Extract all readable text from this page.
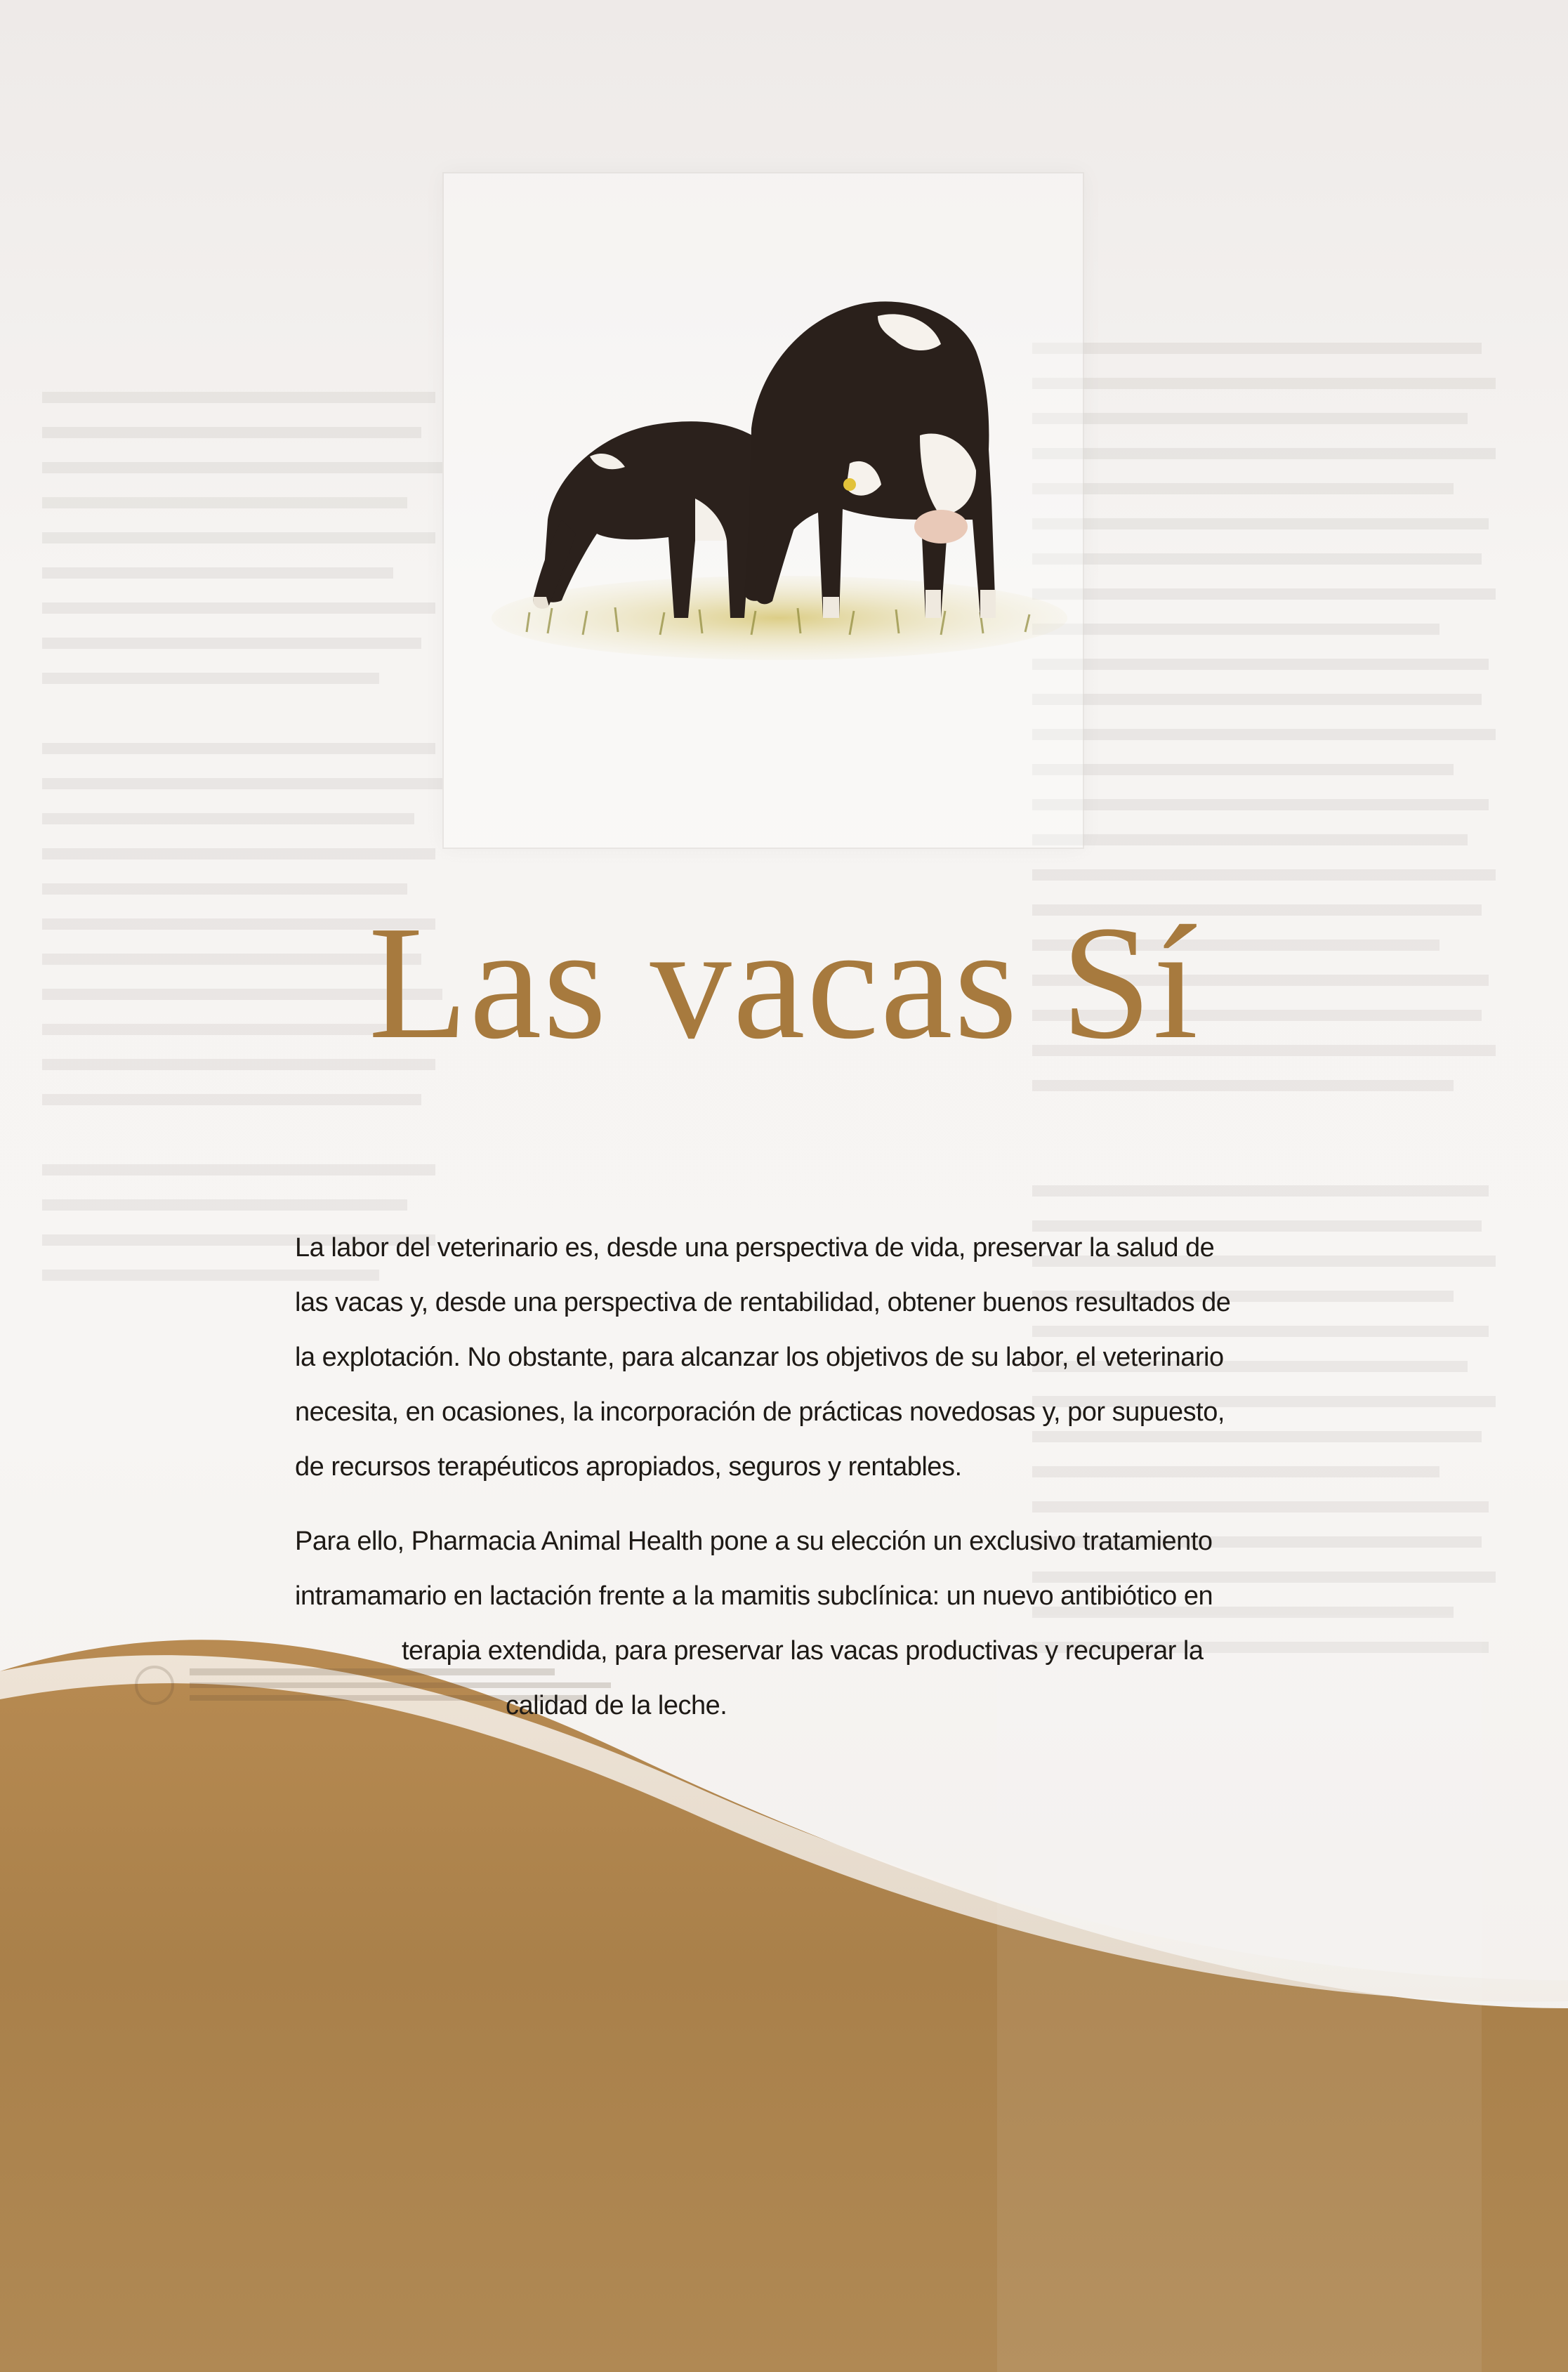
Las vacas Sí
La labor del veterinario es, desde una perspectiva de vida, preservar la salud de
las vacas y, desde una perspectiva de rentabilidad, obtener buenos resultados de
la explotación. No obstante, para alcanzar los objetivos de su labor, el veterinario
necesita, en ocasiones, la incorporación de prácticas novedosas y, por supuesto,
de recursos terapéuticos apropiados, seguros y rentables.
Para ello, Pharmacia Animal Health pone a su elección un exclusivo tratamiento
intramamario en lactación frente a la mamitis subclínica: un nuevo antibiótico en
terapia extendida, para preservar las vacas productivas y recuperar la
calidad de la leche.
